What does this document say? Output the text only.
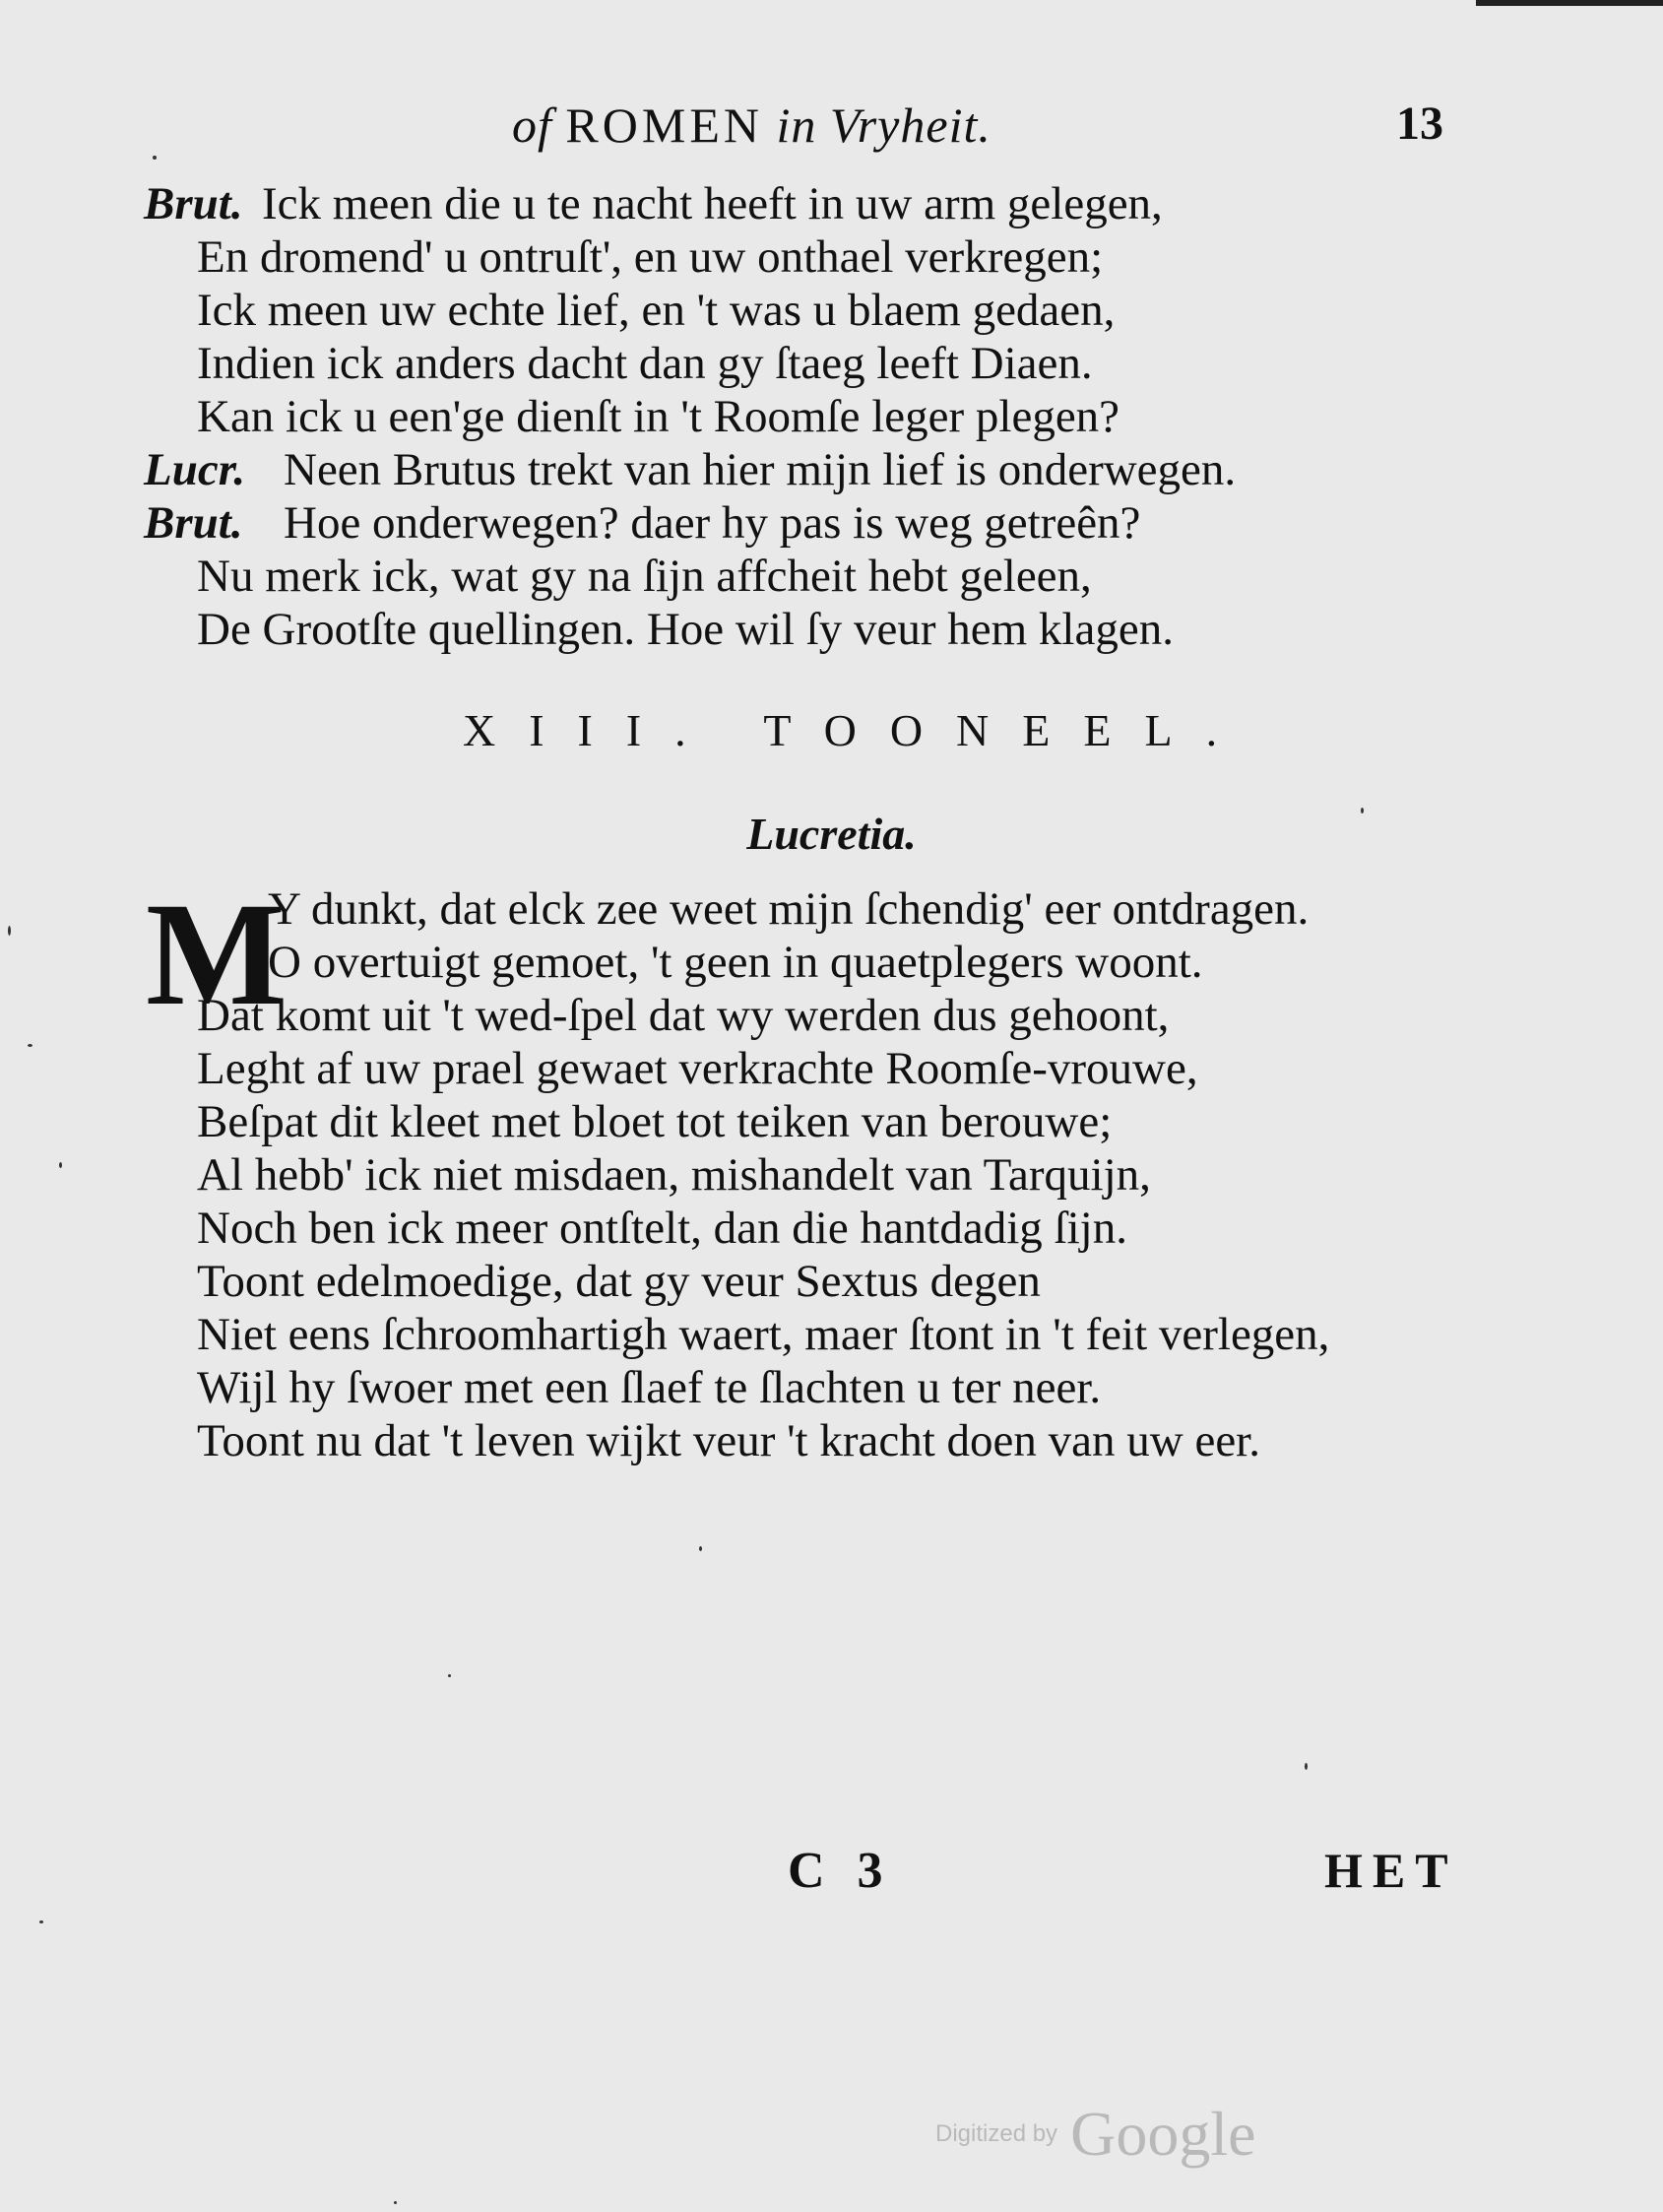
of ROMEN in Vryheit.	13
Brut. Ick meen die u te nacht heeft in uw arm gelegen,
En dromend' u ontruſt', en uw onthael verkregen;
Ick meen uw echte lief, en 't was u blaem gedaen,
Indien ick anders dacht dan gy ſtaeg leeft Diaen.
Kan ick u een'ge dienſt in 't Roomſe leger plegen?
Lucr. Neen Brutus trekt van hier mijn lief is onderwegen.
Brut. Hoe onderwegen? daer hy pas is weg getreên?
Nu merk ick, wat gy na ſijn affcheit hebt geleen,
De Grootſte quellingen. Hoe wil ſy veur hem klagen.
XIII. TOONEEL.
Lucretia.
M
Y dunkt, dat elck zee weet mijn ſchendig' eer ontdragen.
O overtuigt gemoet, 't geen in quaetplegers woont.
Dat komt uit 't wed-ſpel dat wy werden dus gehoont,
Leght af uw prael gewaet verkrachte Roomſe-vrouwe,
Beſpat dit kleet met bloet tot teiken van berouwe;
Al hebb' ick niet misdaen, mishandelt van Tarquijn,
Noch ben ick meer ontſtelt, dan die hantdadig ſijn.
Toont edelmoedige, dat gy veur Sextus degen
Niet eens ſchroomhartigh waert, maer ſtont in 't feit verlegen,
Wijl hy ſwoer met een ſlaef te ſlachten u ter neer.
Toont nu dat 't leven wijkt veur 't kracht doen van uw eer.
C 3	HET
Digitized by Google
